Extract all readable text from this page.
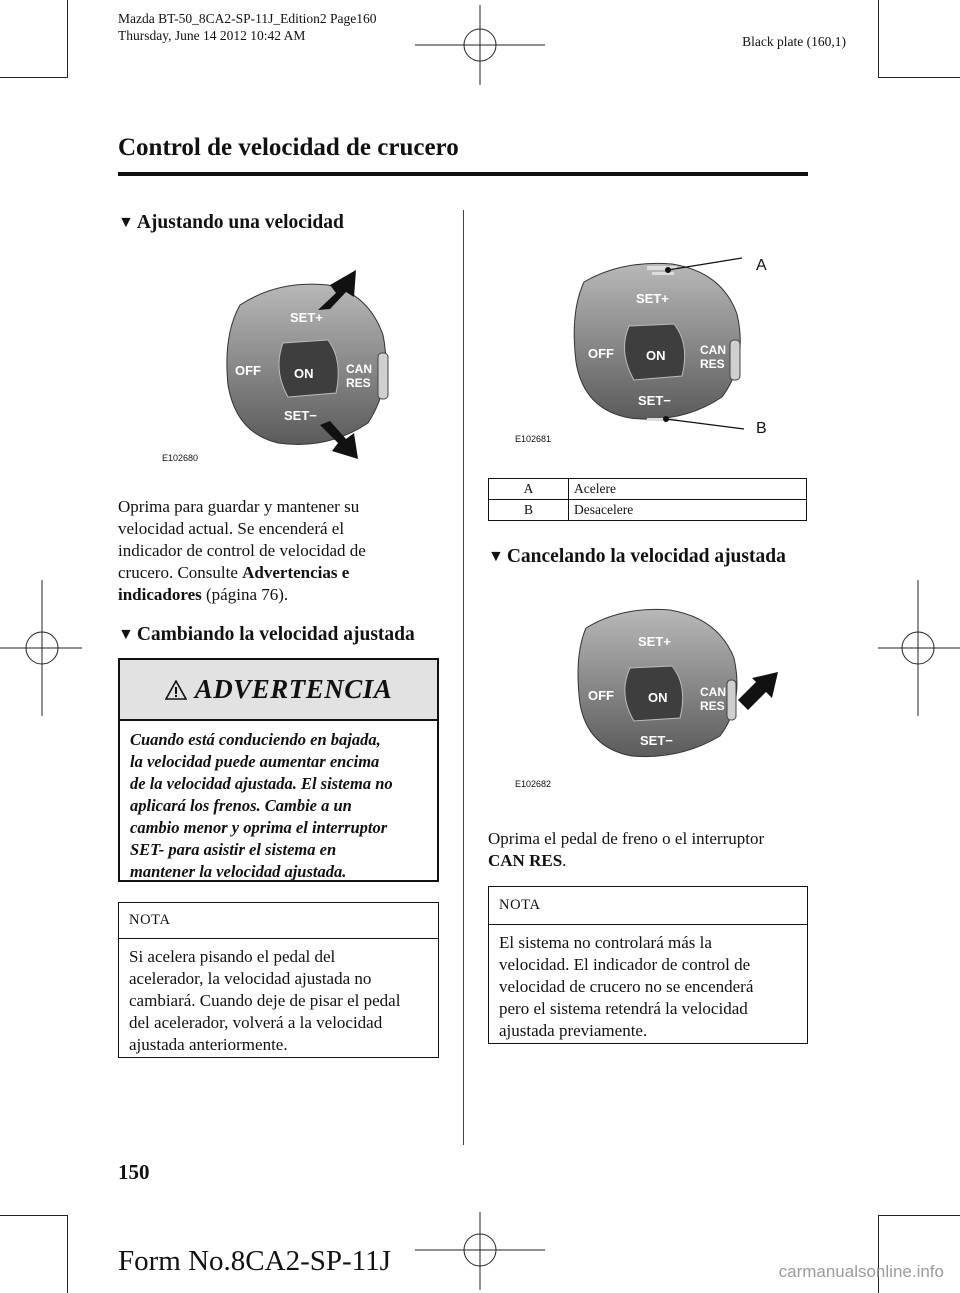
Mazda BT-50_8CA2-SP-11J_Edition2 Page160
Thursday, June 14 2012 10:42 AM	Black plate (160,1)
Control de velocidad de crucero
▼ Ajustando una velocidad
SET+
OFF	ON	CAN
RES
SET−
E102680
Oprima para guardar y mantener su
velocidad actual. Se encenderá el
indicador de control de velocidad de
crucero. Consulte Advertencias e
indicadores (página 76).
▼ Cambiando la velocidad ajustada
ADVERTENCIA
Cuando está conduciendo en bajada,
la velocidad puede aumentar encima
de la velocidad ajustada. El sistema no
aplicará los frenos. Cambie a un
cambio menor y oprima el interruptor
SET- para asistir el sistema en
mantener la velocidad ajustada.
NOTA
Si acelera pisando el pedal del
acelerador, la velocidad ajustada no
cambiará. Cuando deje de pisar el pedal
del acelerador, volverá a la velocidad
ajustada anteriormente.
SET+
OFF ON	CAN
RES
SET−
A
B
E102681
A	Acelere
B	Desacelere
▼ Cancelando la velocidad ajustada
SET+
OFF	ON	CAN
RES
SET−
E102682
Oprima el pedal de freno o el interruptor
CAN RES.
NOTA
El sistema no controlará más la
velocidad. El indicador de control de
velocidad de crucero no se encenderá
pero el sistema retendrá la velocidad
ajustada previamente.
150
Form No.8CA2-SP-11J	carmanualsonline.info
